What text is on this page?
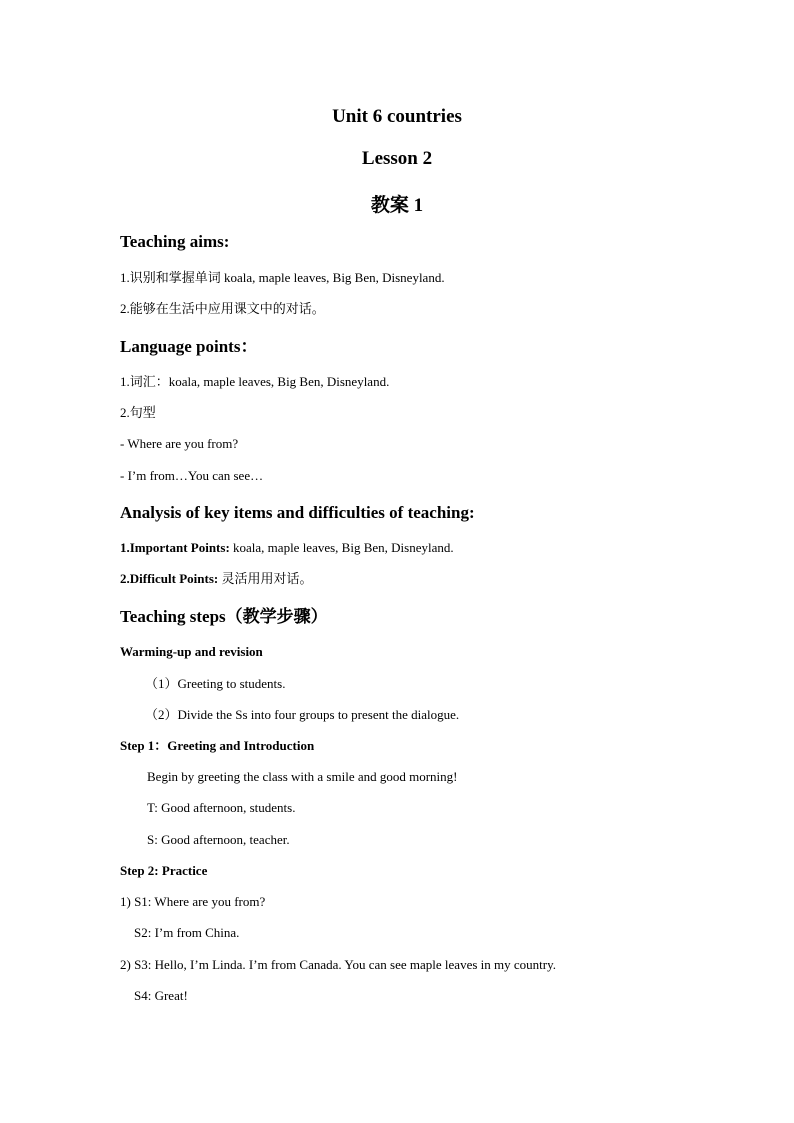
Unit 6 countries
Lesson 2
教案 1
Teaching aims:
1.识别和掌握单词 koala, maple leaves, Big Ben, Disneyland.
2.能够在生活中应用课文中的对话。
Language points：
1.词汇：koala, maple leaves, Big Ben, Disneyland.
2.句型
- Where are you from?
- I’m from…You can see…
Analysis of key items and difficulties of teaching:
1.Important Points: koala, maple leaves, Big Ben, Disneyland.
2.Difficult Points: 灵活用用对话。
Teaching steps（教学步骤）
Warming-up and revision
（1）Greeting to students.
（2）Divide the Ss into four groups to present the dialogue.
Step 1：Greeting and Introduction
Begin by greeting the class with a smile and good morning!
T: Good afternoon, students.
S: Good afternoon, teacher.
Step 2: Practice
1) S1: Where are you from?
S2: I’m from China.
2) S3: Hello, I’m Linda. I’m from Canada. You can see maple leaves in my country.
S4: Great!
